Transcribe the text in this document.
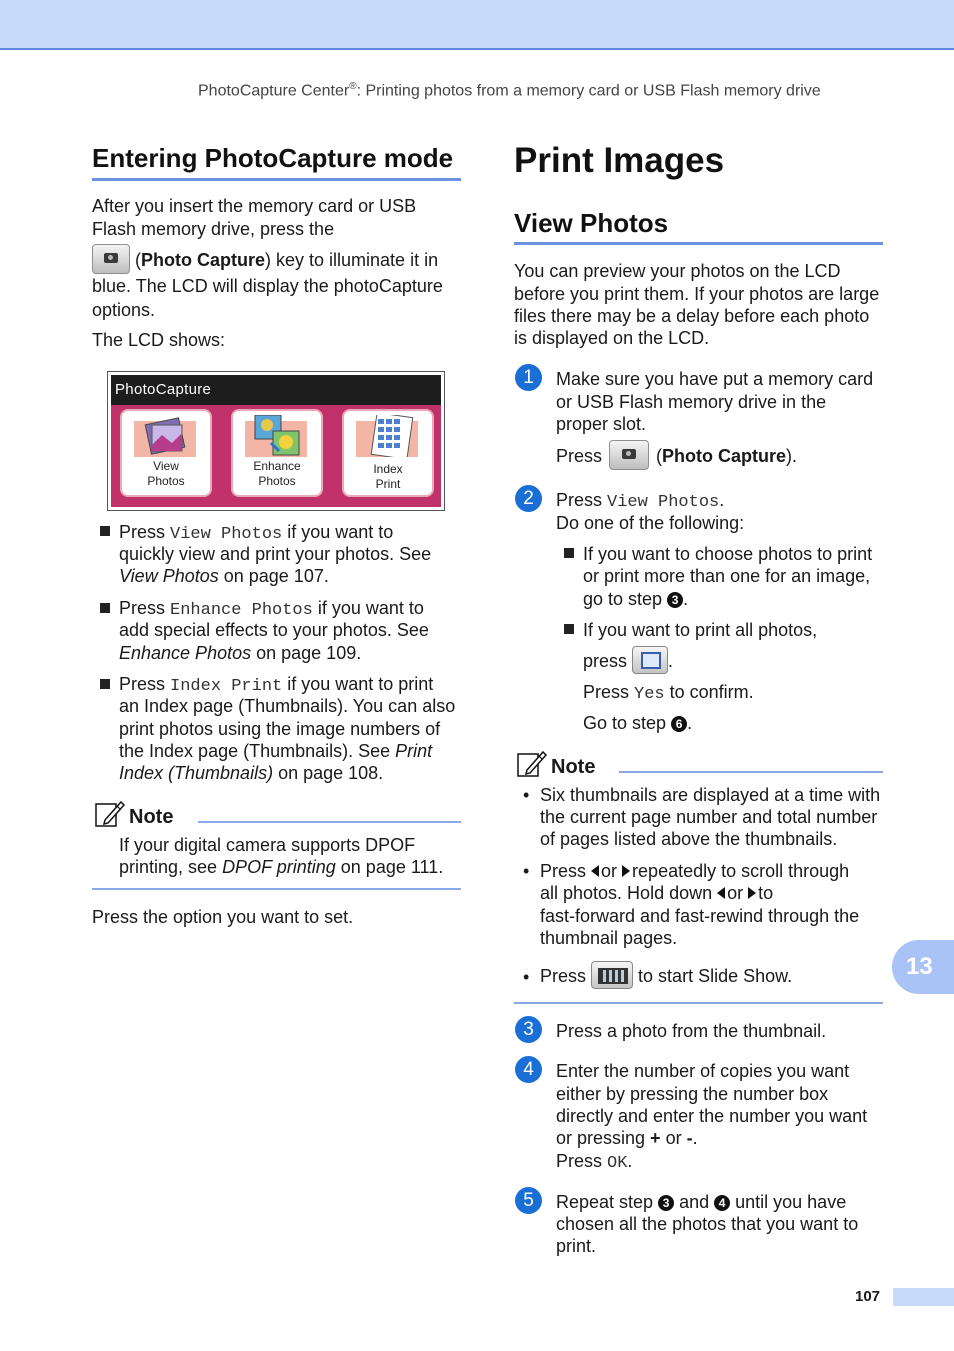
PhotoCapture Center®: Printing photos from a memory card or USB Flash memory drive
Entering PhotoCapture mode

After you insert the memory card or USB

Flash memory drive, press the

(Photo Capture) key to illuminate it in

blue. The LCD will display the photoCapture

options.

The LCD shows:

PhotoCapture
View
Photos
Enhance
Photos
Index
Print

Press View Photos if you want to

quickly view and print your photos. See

View Photos on page 107.

Press Enhance Photos if you want to

add special effects to your photos. See

Enhance Photos on page 109.

Press Index Print if you want to print

an Index page (Thumbnails). You can also

print photos using the image numbers of

the Index page (Thumbnails). See Print

Index (Thumbnails) on page 108.

Note

If your digital camera supports DPOF

printing, see DPOF printing on page 111.

Press the option you want to set.

Print Images
View Photos

You can preview your photos on the LCD

before you print them. If your photos are large

files there may be a delay before each photo

is displayed on the LCD.

1	Make sure you have put a memory card

or USB Flash memory drive in the

proper slot.

Press	(Photo Capture).
2	Press View Photos.

Do one of the following:

If you want to choose photos to print

or print more than one for an image,

go to step 3 .

If you want to print all photos,

press .

Press Yes to confirm.

Go to step 6 .

Note
• Six thumbnails are displayed at a time with

the current page number and total number

of pages listed above the thumbnails.

• Press or repeatedly to scroll through

all photos. Hold down or to

fast-forward and fast-rewind through the

thumbnail pages.

• Press	to start Slide Show.
3	Press a photo from the thumbnail.

4	Enter the number of copies you want

either by pressing the number box

directly and enter the number you want

or pressing + or -.

Press OK.

5	Repeat step 3 and 4 until you have

chosen all the photos that you want to

print.

13
107
